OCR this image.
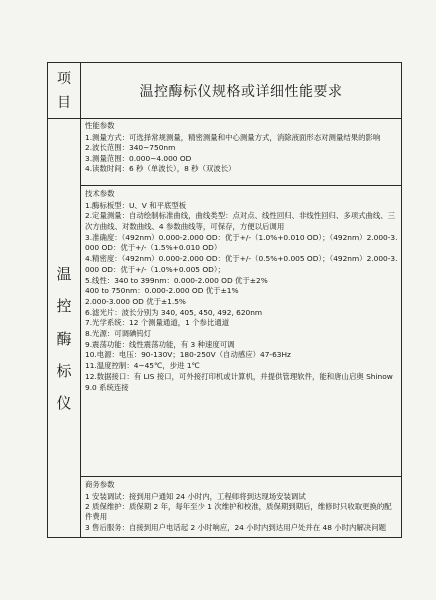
项
目
温控酶标仪规格或详细性能要求
温
控
酶
标
仪
性能参数
1.测量方式：可选择常规测量，精密测量和中心测量方式，消除液面形态对测量结果的影响
2.波长范围：340~750nm
3.测量范围：0.000~4.000 OD
4.读数时间：6 秒（单波长），8 秒（双波长）
技术参数
1.酶标板型：U、V 和平底型板
2.定量测量：自动绘制标准曲线，曲线类型：点对点、线性回归、非线性回归、多项式曲线、三次方曲线、对数曲线、4 参数曲线等，可保存，方便以后调用
3.准确度：（492nm）0.000-2.000 OD：优于+/-（1.0%+0.010 OD）；（492nm）2.000-3.000 OD：优于+/-（1.5%+0.010 OD）
4.精密度：（492nm）0.000-2.000 OD：优于+/-（0.5%+0.005 OD）；（492nm）2.000-3.000 OD：优于+/-（1.0%+0.005 OD）；
5.线性：340 to 399nm：0.000-2.000 OD 优于±2%
400 to 750nm：0.000-2.000 OD 优于±1%
2.000-3.000 OD 优于±1.5%
6.滤光片：波长分别为 340, 405, 450, 492, 620nm
7.光学系统：12 个测量通道，1 个参比通道
8.光源：可调碘钨灯
9.震荡功能：线性震荡功能，有 3 种速度可调
10.电源：电压：90-130V；180-250V（自动感应）47-63Hz
11.温度控制：4~45℃，步进 1℃
12.数据接口：有 LIS 接口，可外接打印机或计算机，并提供管理软件，能和唐山启奥 Shinow9.0 系统连接
商务参数
1 安装调试：接到用户通知 24 小时内，工程师将到达现场安装调试
2 质保维护：质保期 2 年，每年至少 1 次维护和校准，质保期到期后，维修时只收取更换的配件费用
3 售后服务：自接到用户电话起 2 小时响应，24 小时内到达用户处并在 48 小时内解决问题
